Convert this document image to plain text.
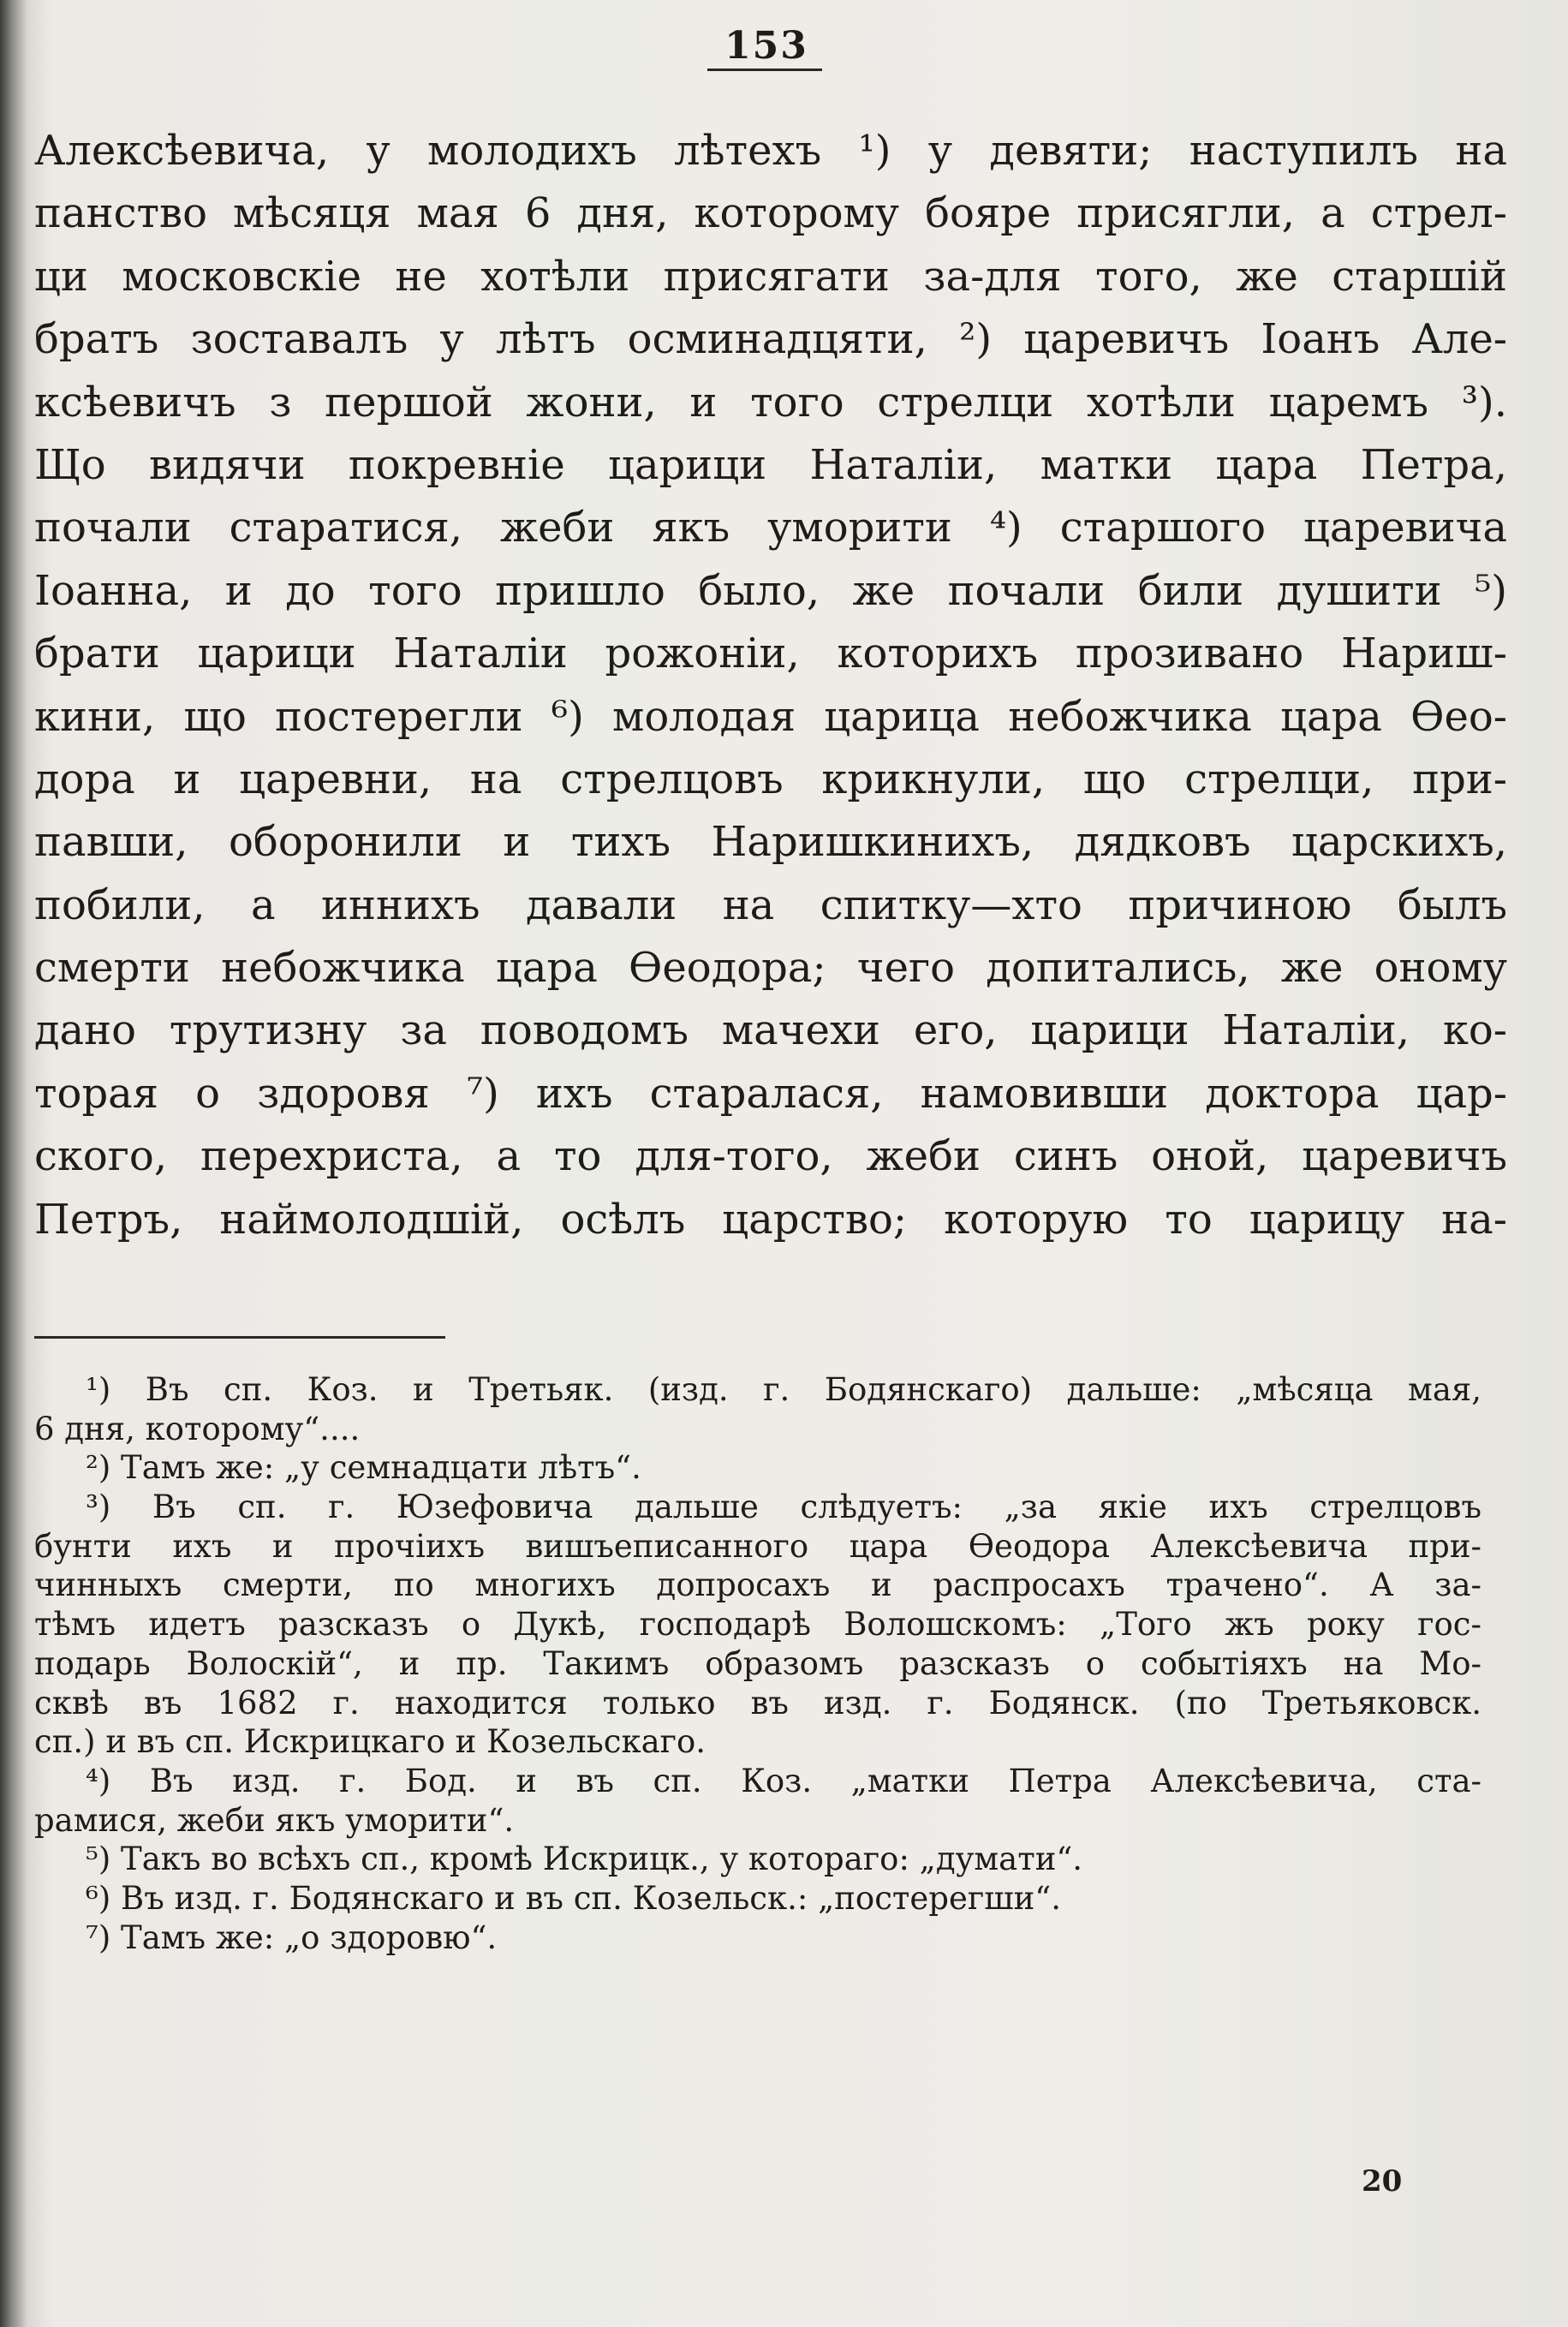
153
Алексѣевича, у молодихъ лѣтехъ ¹) у девяти; наступилъ на
панство мѣсяця мая 6 дня, которому бояре присягли, а стрел-
ци московскіе не хотѣли присягати за-для того, же старшій
братъ зоставалъ у лѣтъ осминадцяти, ²) царевичъ Іоанъ Але-
ксѣевичъ з першой жони, и того стрелци хотѣли царемъ ³).
Що видячи покревніе царици Наталіи, матки цара Петра,
почали старатися, жеби якъ уморити ⁴) старшого царевича
Іоанна, и до того пришло было, же почали били душити ⁵)
брати царици Наталіи рожоніи, которихъ прозивано Нариш-
кини, що постерегли ⁶) молодая царица небожчика цара Ѳео-
дора и царевни, на стрелцовъ крикнули, що стрелци, при-
павши, оборонили и тихъ Наришкинихъ, дядковъ царскихъ,
побили, а иннихъ давали на спитку—хто причиною былъ
смерти небожчика цара Ѳеодора; чего допитались, же оному
дано трутизну за поводомъ мачехи его, царици Наталіи, ко-
торая о здоровя ⁷) ихъ старалася, намовивши доктора цар-
ского, перехриста, а то для-того, жеби синъ оной, царевичъ
Петръ, наймолодшій, осѣлъ царство; которую то царицу на-
¹) Въ сп. Коз. и Третьяк. (изд. г. Бодянскаго) дальше: „мѣсяца мая,
6 дня, которому“....
²) Тамъ же: „у семнадцати лѣтъ“.
³) Въ сп. г. Юзефовича дальше слѣдуетъ: „за якіе ихъ стрелцовъ
бунти ихъ и прочіихъ вишъеписанного цара Ѳеодора Алексѣевича при-
чинныхъ смерти, по многихъ допросахъ и распросахъ трачено“. А за-
тѣмъ идетъ разсказъ о Дукѣ, господарѣ Волошскомъ: „Того жъ року гос-
подарь Волоскій“, и пр. Такимъ образомъ разсказъ о событіяхъ на Мо-
сквѣ въ 1682 г. находится только въ изд. г. Бодянск. (по Третьяковск.
сп.) и въ сп. Искрицкаго и Козельскаго.
⁴) Въ изд. г. Бод. и въ сп. Коз. „матки Петра Алексѣевича, ста-
рамися, жеби якъ уморити“.
⁵) Такъ во всѣхъ сп., кромѣ Искрицк., у котораго: „думати“.
⁶) Въ изд. г. Бодянскаго и въ сп. Козельск.: „постерегши“.
⁷) Тамъ же: „о здоровю“.
20
